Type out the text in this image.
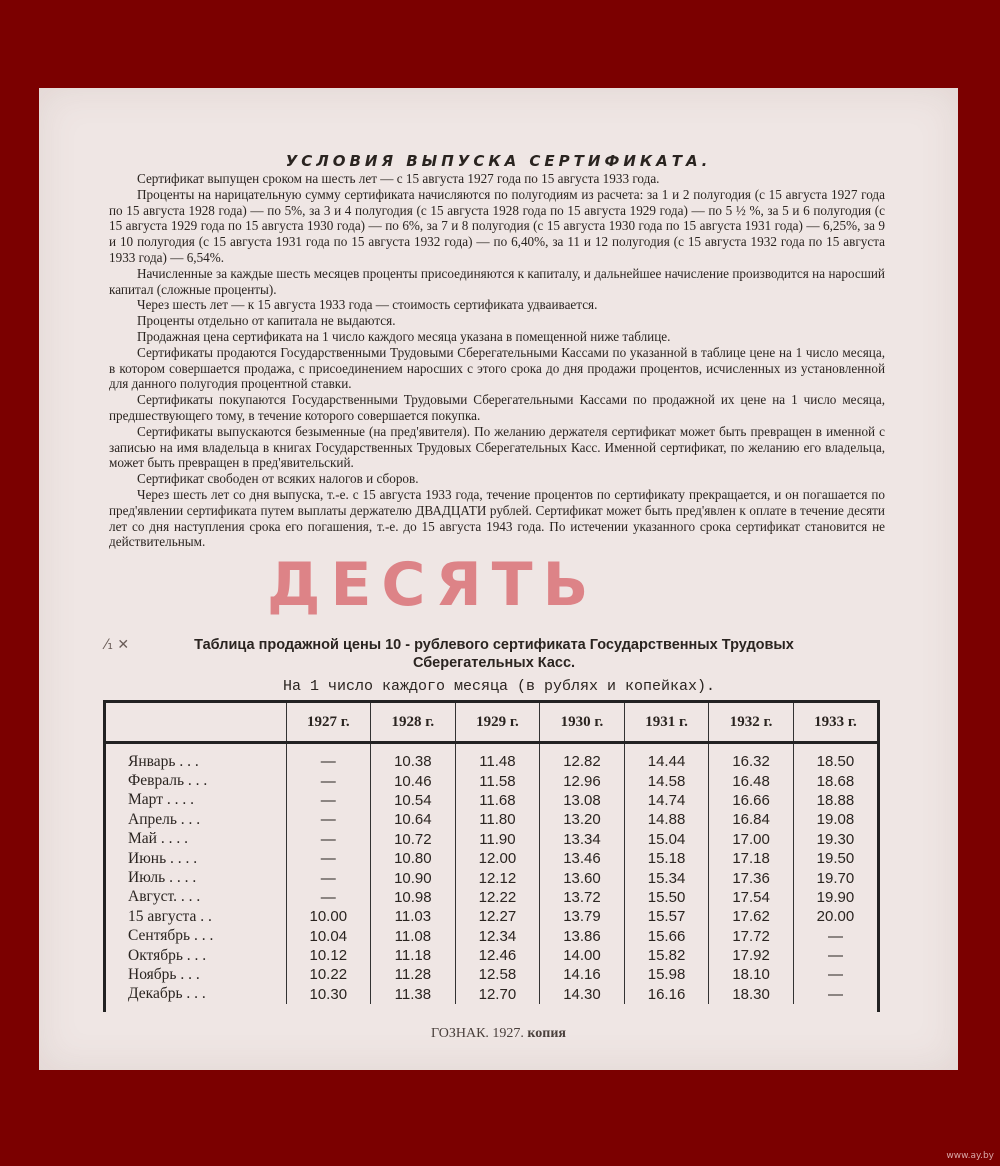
УСЛОВИЯ ВЫПУСКА СЕРТИФИКАТА.

Сертификат выпущен сроком на шесть лет — с 15 августа 1927 года по 15 августа 1933 года.

Проценты на нарицательную сумму сертификата начисляются по полугодиям из расчета: за 1 и 2 полугодия (с 15 августа 1927 года по 15 августа 1928 года) — по 5%, за 3 и 4 полугодия (с 15 августа 1928 года по 15 августа 1929 года) — по 5 ½ %, за 5 и 6 полугодия (с 15 августа 1929 года по 15 августа 1930 года) — по 6%, за 7 и 8 полугодия (с 15 августа 1930 года по 15 августа 1931 года) — 6,25%, за 9 и 10 полугодия (с 15 августа 1931 года по 15 августа 1932 года) — по 6,40%, за 11 и 12 полугодия (с 15 августа 1932 года по 15 августа 1933 года) — 6,54%.

Начисленные за каждые шесть месяцев проценты присоединяются к капиталу, и дальнейшее начисление производится на наросший капитал (сложные проценты).

Через шесть лет — к 15 августа 1933 года — стоимость сертификата удваивается.

Проценты отдельно от капитала не выдаются.

Продажная цена сертификата на 1 число каждого месяца указана в помещенной ниже таблице.

Сертификаты продаются Государственными Трудовыми Сберегательными Кассами по указанной в таблице цене на 1 число месяца, в котором совершается продажа, с присоединением наросших с этого срока до дня продажи процентов, исчисленных из установленной для данного полугодия процентной ставки.

Сертификаты покупаются Государственными Трудовыми Сберегательными Кассами по продажной их цене на 1 число месяца, предшествующего тому, в течение которого совершается покупка.

Сертификаты выпускаются безыменные (на пред'явителя). По желанию держателя сертификат может быть превращен в именной с записью на имя владельца в книгах Государственных Трудовых Сберегательных Касс. Именной сертификат, по желанию его владельца, может быть превращен в пред'явительский.

Сертификат свободен от всяких налогов и сборов.

Через шесть лет со дня выпуска, т.-е. с 15 августа 1933 года, течение процентов по сертификату прекращается, и он погашается по пред'явлении сертификата путем выплаты держателю ДВАДЦАТИ рублей. Сертификат может быть пред'явлен к оплате в течение десяти лет со дня наступления срока его погашения, т.-е. до 15 августа 1943 года. По истечении указанного срока сертификат становится не действительным.

ДЕСЯТЬ
⁄₁ ✕	Таблица продажной цены 10 - рублевого сертификата Государственных Трудовых
Сберегательных Касс.
На 1 число каждого месяца (в рублях и копейках).
	1927 г.	1928 г.	1929 г.	1930 г.	1931 г.	1932 г.	1933 г.
Январь . . .	—	10.38	11.48	12.82	14.44	16.32	18.50
Февраль . . .	—	10.46	11.58	12.96	14.58	16.48	18.68
Март . . . .	—	10.54	11.68	13.08	14.74	16.66	18.88
Апрель . . .	—	10.64	11.80	13.20	14.88	16.84	19.08
Май . . . .	—	10.72	11.90	13.34	15.04	17.00	19.30
Июнь . . . .	—	10.80	12.00	13.46	15.18	17.18	19.50
Июль . . . .	—	10.90	12.12	13.60	15.34	17.36	19.70
Август. . . .	—	10.98	12.22	13.72	15.50	17.54	19.90
15 августа . .	10.00	11.03	12.27	13.79	15.57	17.62	20.00
Сентябрь . . .	10.04	11.08	12.34	13.86	15.66	17.72	—
Октябрь . . .	10.12	11.18	12.46	14.00	15.82	17.92	—
Ноябрь . . .	10.22	11.28	12.58	14.16	15.98	18.10	—
Декабрь . . .	10.30	11.38	12.70	14.30	16.16	18.30	—
ГОЗНАК. 1927. копия
www.ay.by
